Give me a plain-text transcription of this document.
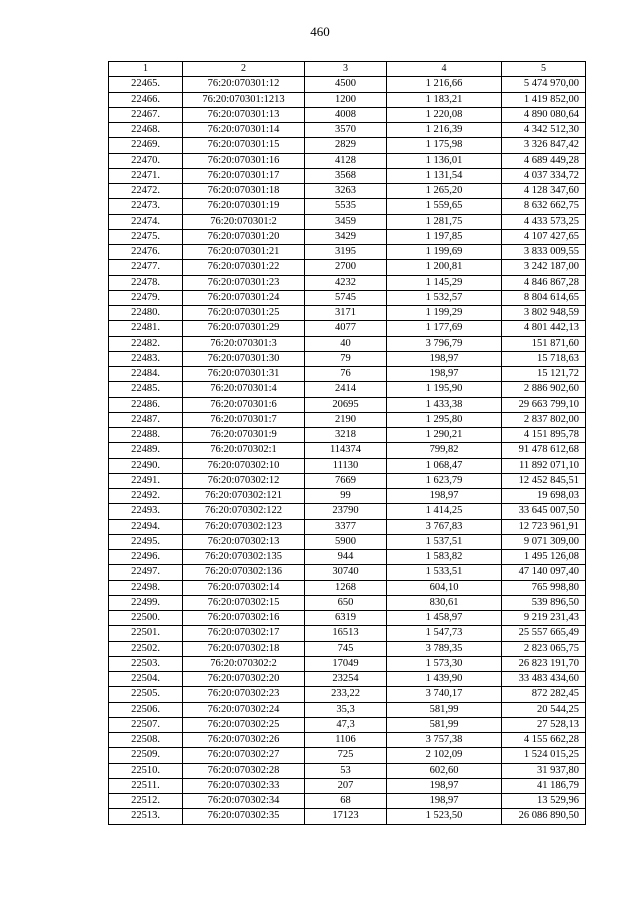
460
1	2	3	4	5
22465.	76:20:070301:12	4500	1 216,66	5 474 970,00
22466.	76:20:070301:1213	1200	1 183,21	1 419 852,00
22467.	76:20:070301:13	4008	1 220,08	4 890 080,64
22468.	76:20:070301:14	3570	1 216,39	4 342 512,30
22469.	76:20:070301:15	2829	1 175,98	3 326 847,42
22470.	76:20:070301:16	4128	1 136,01	4 689 449,28
22471.	76:20:070301:17	3568	1 131,54	4 037 334,72
22472.	76:20:070301:18	3263	1 265,20	4 128 347,60
22473.	76:20:070301:19	5535	1 559,65	8 632 662,75
22474.	76:20:070301:2	3459	1 281,75	4 433 573,25
22475.	76:20:070301:20	3429	1 197,85	4 107 427,65
22476.	76:20:070301:21	3195	1 199,69	3 833 009,55
22477.	76:20:070301:22	2700	1 200,81	3 242 187,00
22478.	76:20:070301:23	4232	1 145,29	4 846 867,28
22479.	76:20:070301:24	5745	1 532,57	8 804 614,65
22480.	76:20:070301:25	3171	1 199,29	3 802 948,59
22481.	76:20:070301:29	4077	1 177,69	4 801 442,13
22482.	76:20:070301:3	40	3 796,79	151 871,60
22483.	76:20:070301:30	79	198,97	15 718,63
22484.	76:20:070301:31	76	198,97	15 121,72
22485.	76:20:070301:4	2414	1 195,90	2 886 902,60
22486.	76:20:070301:6	20695	1 433,38	29 663 799,10
22487.	76:20:070301:7	2190	1 295,80	2 837 802,00
22488.	76:20:070301:9	3218	1 290,21	4 151 895,78
22489.	76:20:070302:1	114374	799,82	91 478 612,68
22490.	76:20:070302:10	11130	1 068,47	11 892 071,10
22491.	76:20:070302:12	7669	1 623,79	12 452 845,51
22492.	76:20:070302:121	99	198,97	19 698,03
22493.	76:20:070302:122	23790	1 414,25	33 645 007,50
22494.	76:20:070302:123	3377	3 767,83	12 723 961,91
22495.	76:20:070302:13	5900	1 537,51	9 071 309,00
22496.	76:20:070302:135	944	1 583,82	1 495 126,08
22497.	76:20:070302:136	30740	1 533,51	47 140 097,40
22498.	76:20:070302:14	1268	604,10	765 998,80
22499.	76:20:070302:15	650	830,61	539 896,50
22500.	76:20:070302:16	6319	1 458,97	9 219 231,43
22501.	76:20:070302:17	16513	1 547,73	25 557 665,49
22502.	76:20:070302:18	745	3 789,35	2 823 065,75
22503.	76:20:070302:2	17049	1 573,30	26 823 191,70
22504.	76:20:070302:20	23254	1 439,90	33 483 434,60
22505.	76:20:070302:23	233,22	3 740,17	872 282,45
22506.	76:20:070302:24	35,3	581,99	20 544,25
22507.	76:20:070302:25	47,3	581,99	27 528,13
22508.	76:20:070302:26	1106	3 757,38	4 155 662,28
22509.	76:20:070302:27	725	2 102,09	1 524 015,25
22510.	76:20:070302:28	53	602,60	31 937,80
22511.	76:20:070302:33	207	198,97	41 186,79
22512.	76:20:070302:34	68	198,97	13 529,96
22513.	76:20:070302:35	17123	1 523,50	26 086 890,50
